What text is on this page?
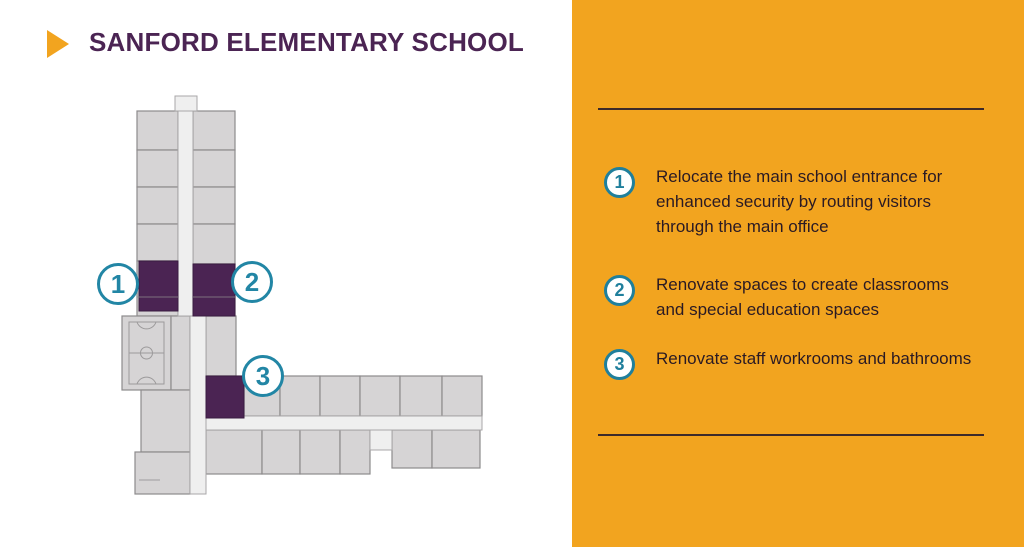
SANFORD ELEMENTARY SCHOOL
1	2
3
1	Relocate the main school entrance for enhanced security by routing visitors through the main office
2	Renovate spaces to create classrooms and special education spaces
3	Renovate staff workrooms and bathrooms
